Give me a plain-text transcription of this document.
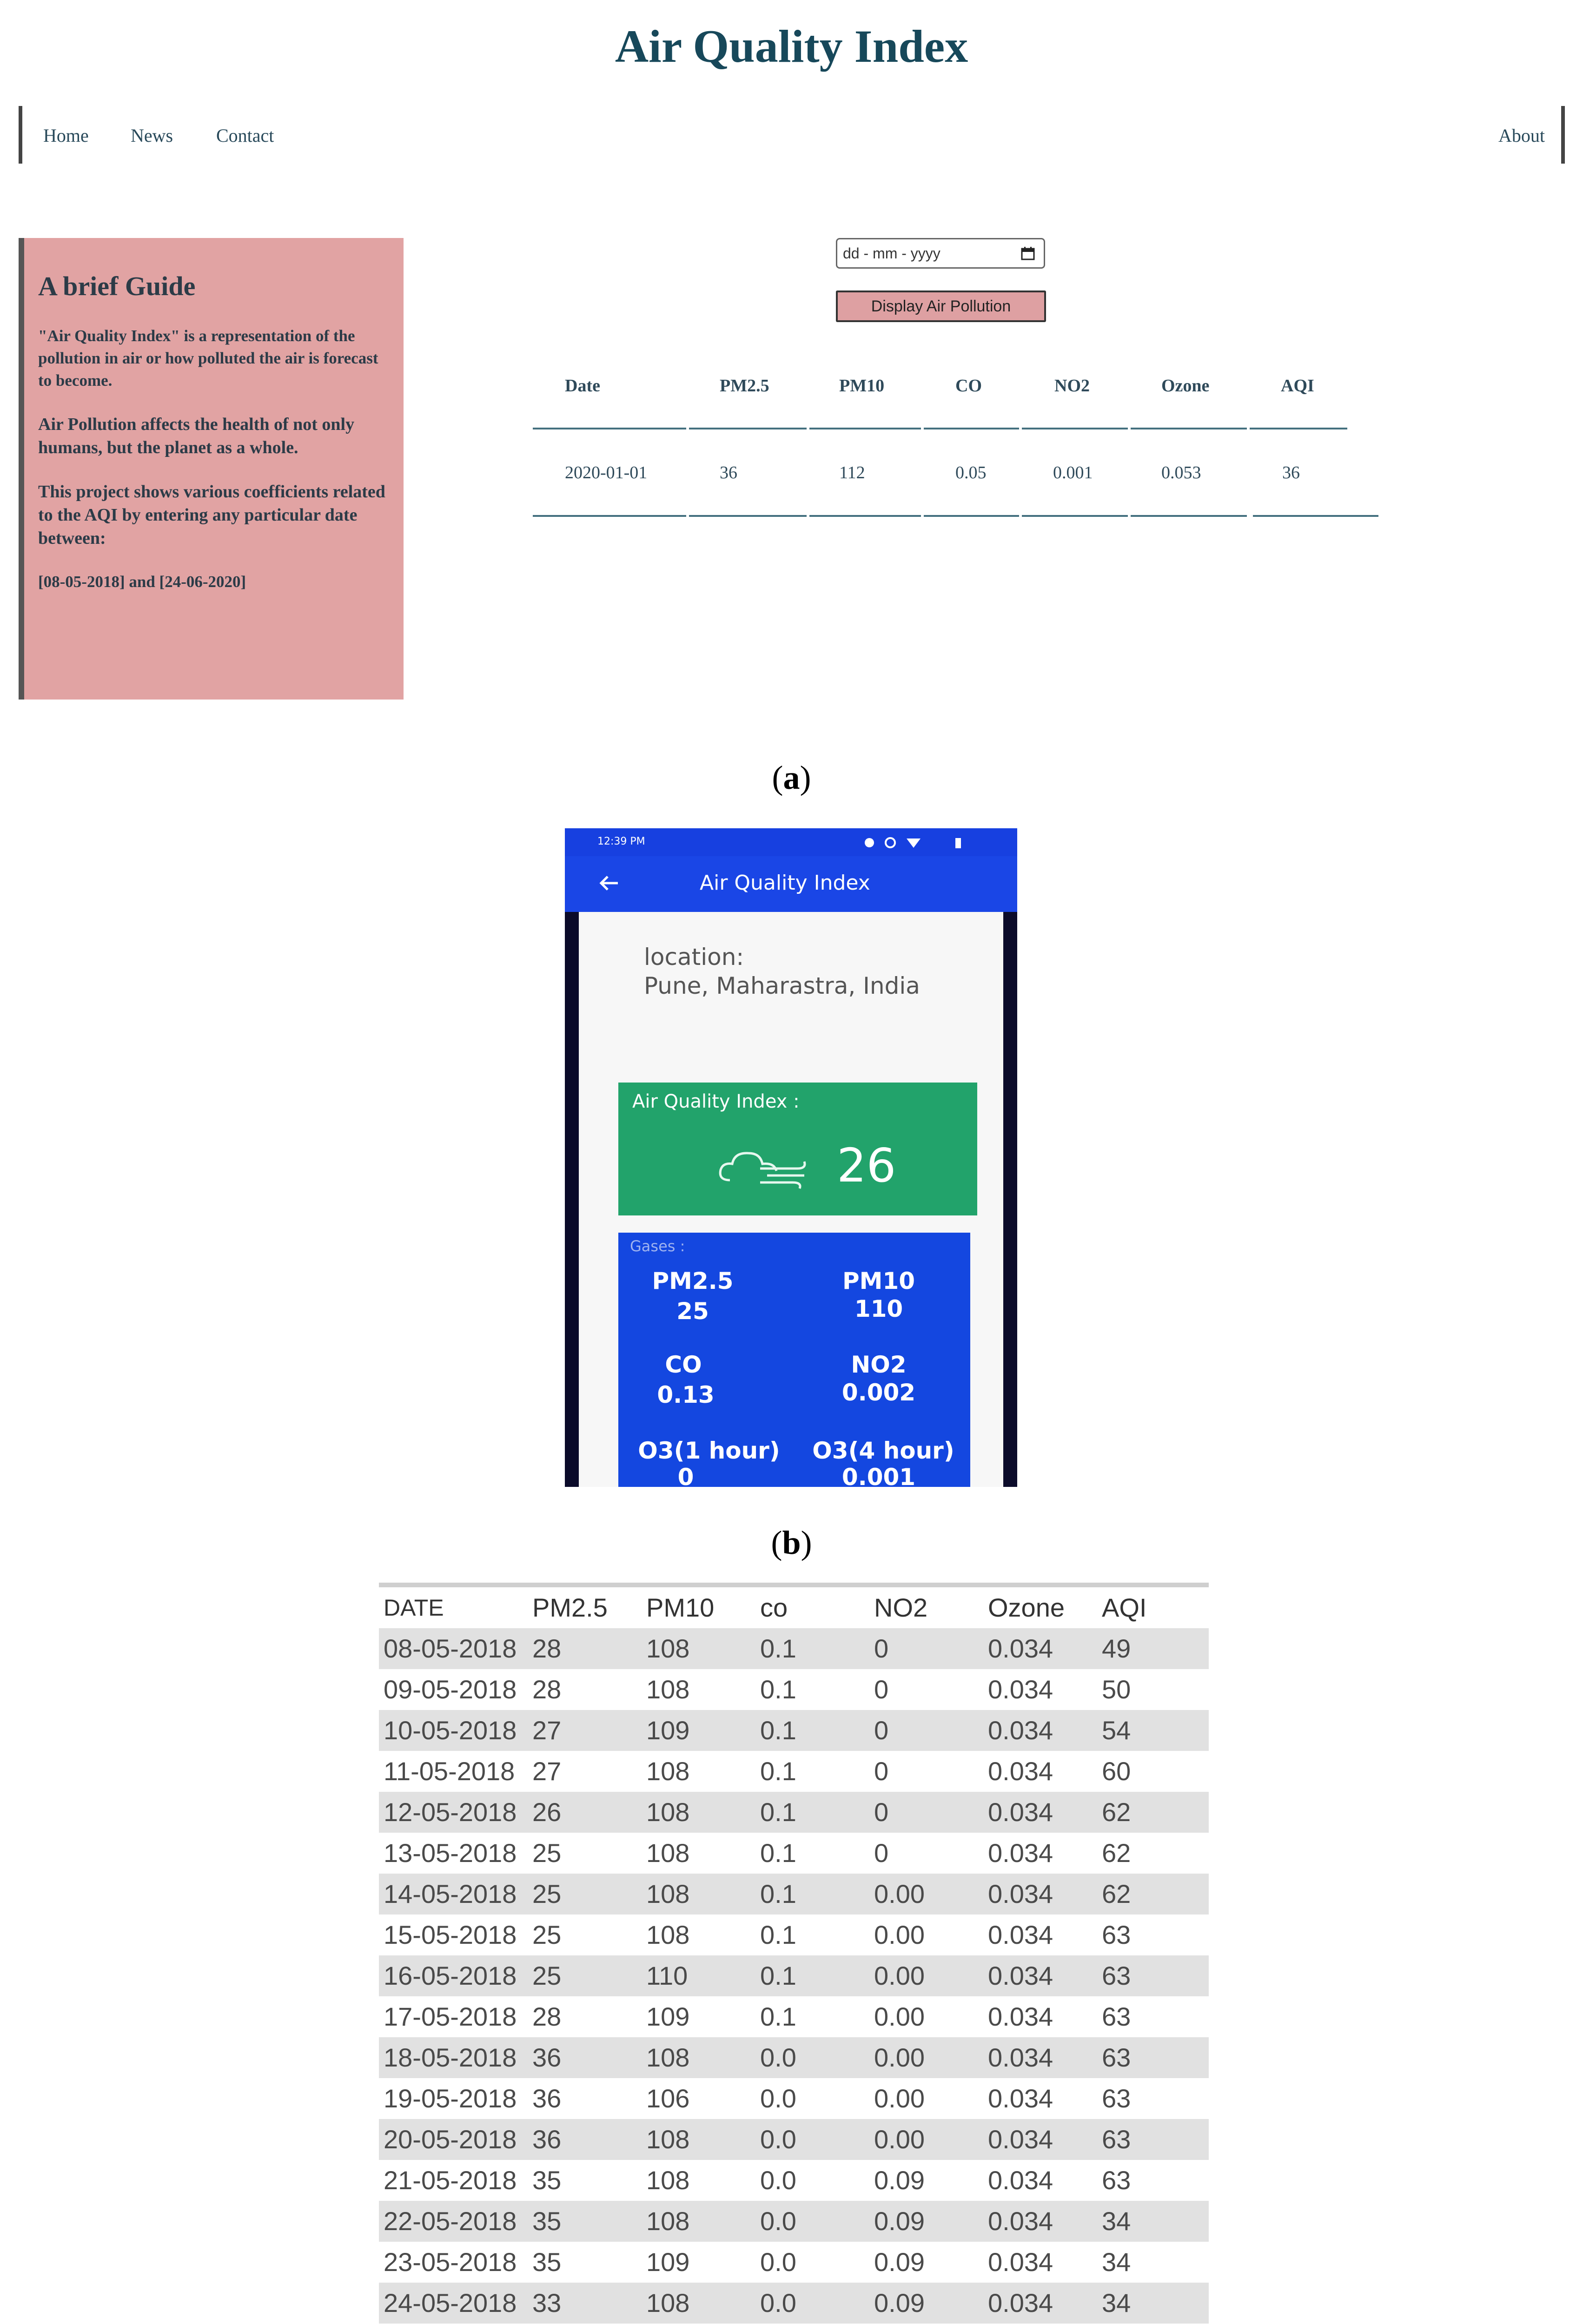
Air Quality Index
Home News Contact	About
A brief Guide

"Air Quality Index" is a representation of the pollution in air or how polluted the air is forecast to become.

Air Pollution affects the health of not only humans, but the planet as a whole.

This project shows various coefficients related to the AQI by entering any particular date between:

[08-05-2018] and [24-06-2020]

dd - mm - yyyy
Display Air Pollution
Date	PM2.5	PM10	CO	NO2	Ozone	AQI
2020-01-01	36	112	0.05	0.001	0.053	36
(a)
12:39 PM
Air Quality Index
location:
Pune, Maharastra, India
Air Quality Index :
26
Gases :
PM2.5
25
PM10
110
CO
0.13
NO2
0.002
O3(1 hour)
0
O3(4 hour)
0.001
(b)
DATE	PM2.5 PM10 co	NO2 Ozone AQI
08-05-2018 28	108	0.1	0	0.034 49
09-05-2018 28	108	0.1	0	0.034 50
10-05-2018 27	109	0.1	0	0.034 54
11-05-2018 27	108	0.1	0	0.034 60
12-05-2018 26	108	0.1	0	0.034 62
13-05-2018 25	108	0.1	0	0.034 62
14-05-2018 25	108	0.1	0.00 0.034 62
15-05-2018 25	108	0.1	0.00 0.034 63
16-05-2018 25	110	0.1	0.00 0.034 63
17-05-2018 28	109	0.1	0.00 0.034 63
18-05-2018 36	108	0.0	0.00 0.034 63
19-05-2018 36	106	0.0	0.00 0.034 63
20-05-2018 36	108	0.0	0.00 0.034 63
21-05-2018 35	108	0.0	0.09 0.034 63
22-05-2018 35	108	0.0	0.09 0.034 34
23-05-2018 35	109	0.0	0.09 0.034 34
24-05-2018 33	108	0.0	0.09 0.034 34
